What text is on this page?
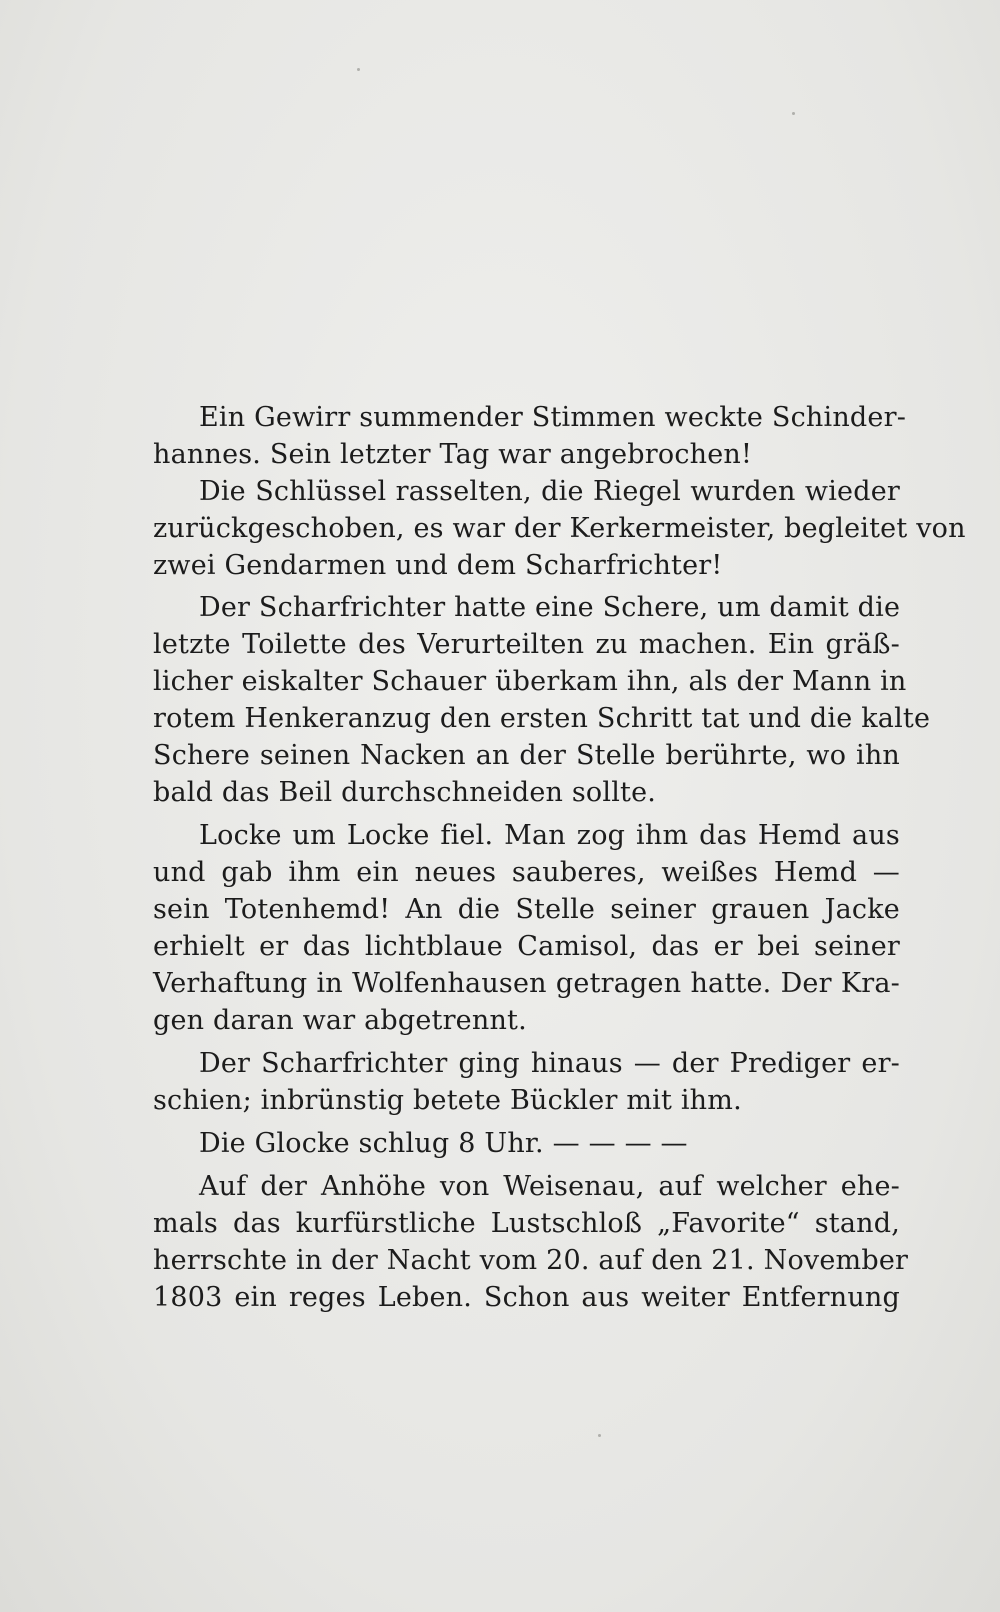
Ein Gewirr summender Stimmen weckte Schinder-
hannes. Sein letzter Tag war angebrochen!
Die Schlüssel rasselten, die Riegel wurden wieder
zurückgeschoben, es war der Kerkermeister, begleitet von
zwei Gendarmen und dem Scharfrichter!
Der Scharfrichter hatte eine Schere, um damit die
letzte Toilette des Verurteilten zu machen. Ein gräß-
licher eiskalter Schauer überkam ihn, als der Mann in
rotem Henkeranzug den ersten Schritt tat und die kalte
Schere seinen Nacken an der Stelle berührte, wo ihn
bald das Beil durchschneiden sollte.
Locke um Locke fiel. Man zog ihm das Hemd aus
und gab ihm ein neues sauberes, weißes Hemd —
sein Totenhemd! An die Stelle seiner grauen Jacke
erhielt er das lichtblaue Camisol, das er bei seiner
Verhaftung in Wolfenhausen getragen hatte. Der Kra-
gen daran war abgetrennt.
Der Scharfrichter ging hinaus — der Prediger er-
schien; inbrünstig betete Bückler mit ihm.
Die Glocke schlug 8 Uhr. — — — —
Auf der Anhöhe von Weisenau, auf welcher ehe-
mals das kurfürstliche Lustschloß „Favorite“ stand,
herrschte in der Nacht vom 20. auf den 21. November
1803 ein reges Leben. Schon aus weiter Entfernung
